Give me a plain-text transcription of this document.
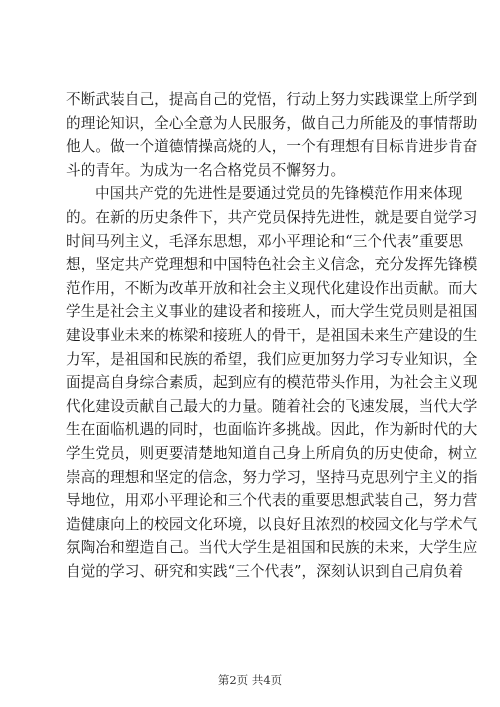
不断武装自己，提高自己的党悟，行动上努力实践课堂上所学到
的理论知识，全心全意为人民服务，做自己力所能及的事情帮助
他人。做一个道德情操高烧的人，一个有理想有目标肯进步肯奋
斗的青年。为成为一名合格党员不懈努力。
中国共产党的先进性是要通过党员的先锋模范作用来体现
的。在新的历史条件下，共产党员保持先进性，就是要自觉学习
时间马列主义，毛泽东思想，邓小平理论和“三个代表”重要思
想，坚定共产党理想和中国特色社会主义信念，充分发挥先锋模
范作用，不断为改革开放和社会主义现代化建设作出贡献。而大
学生是社会主义事业的建设者和接班人，而大学生党员则是祖国
建设事业未来的栋梁和接班人的骨干，是祖国未来生产建设的生
力军，是祖国和民族的希望，我们应更加努力学习专业知识，全
面提高自身综合素质，起到应有的模范带头作用，为社会主义现
代化建设贡献自己最大的力量。随着社会的飞速发展，当代大学
生在面临机遇的同时，也面临许多挑战。因此，作为新时代的大
学生党员，则更要清楚地知道自己身上所肩负的历史使命，树立
崇高的理想和坚定的信念，努力学习，坚持马克思列宁主义的指
导地位，用邓小平理论和三个代表的重要思想武装自己，努力营
造健康向上的校园文化环境，以良好且浓烈的校园文化与学术气
氛陶冶和塑造自己。当代大学生是祖国和民族的未来，大学生应
自觉的学习、研究和实践“三个代表”，深刻认识到自己肩负着
第2页 共4页
